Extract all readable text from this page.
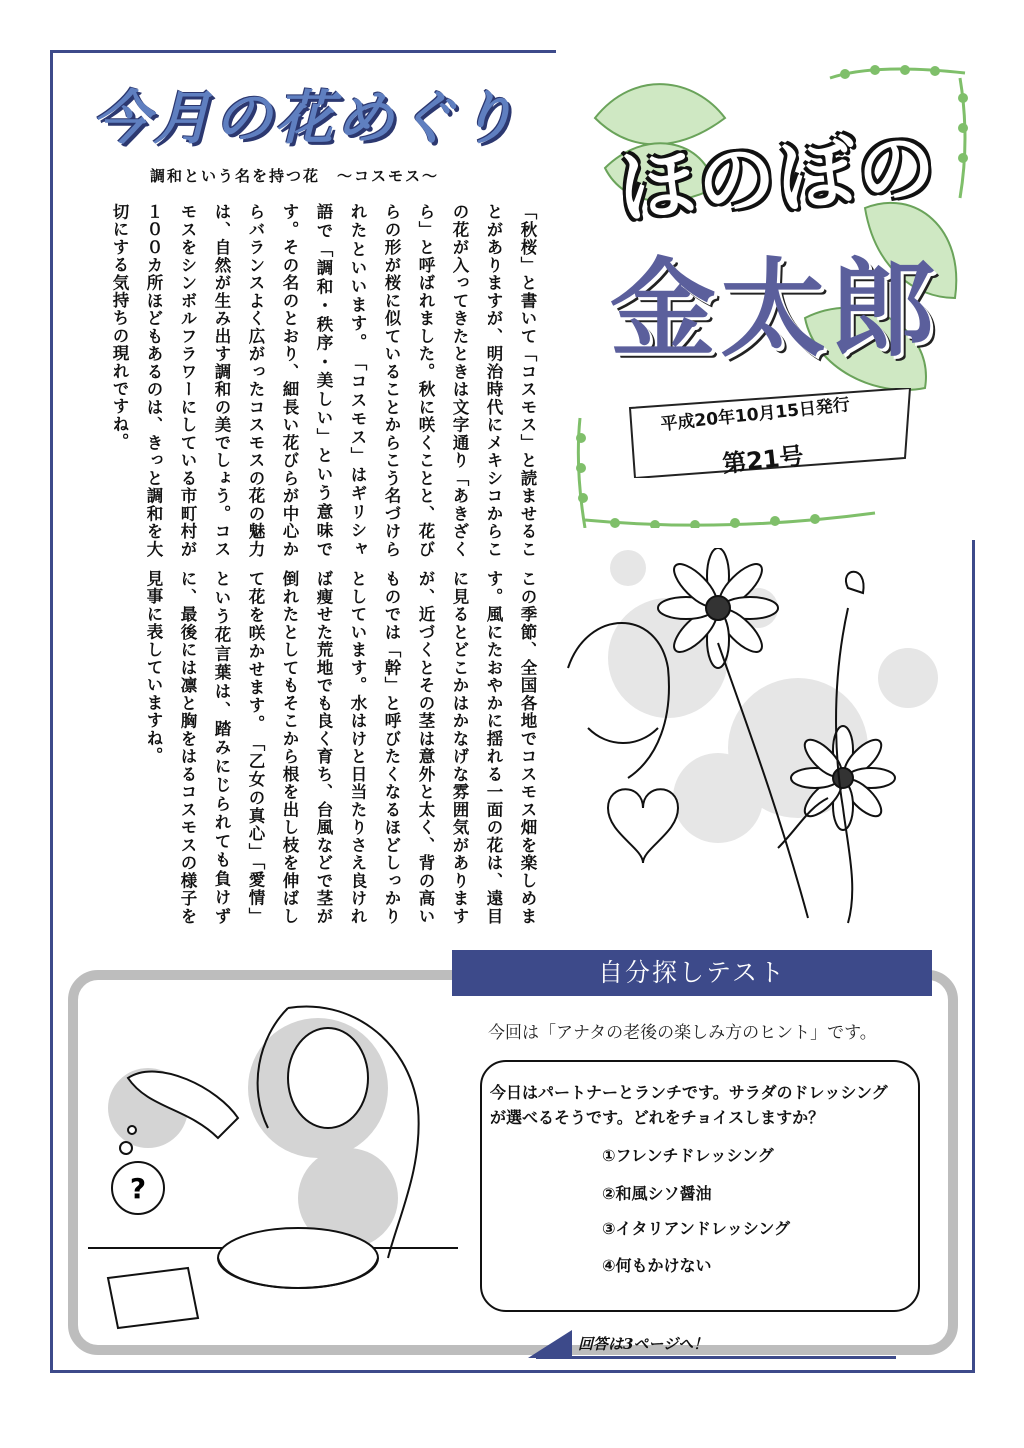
今月の花めぐり
調和という名を持つ花　～コスモス～
「秋桜」と書いて「コスモス」と読ませることがありますが、明治時代にメキシコからこの花が入ってきたときは文字通り「あきざくら」と呼ばれました。秋に咲くことと、花びらの形が桜に似ていることからこう名づけられたといいます。　「コスモス」はギリシャ語で「調和・秩序・美しい」という意味です。その名のとおり、細長い花びらが中心からバランスよく広がったコスモスの花の魅力は、自然が生み出す調和の美でしょう。コスモスをシンボルフラワーにしている市町村が１００カ所ほどもあるのは、きっと調和を大切にする気持ちの現れですね。
この季節、全国各地でコスモス畑を楽しめます。風にたおやかに揺れる一面の花は、遠目に見るとどこかはかなげな雰囲気がありますが、近づくとその茎は意外と太く、背の高いものでは「幹」と呼びたくなるほどしっかりとしています。水はけと日当たりさえ良ければ痩せた荒地でも良く育ち、台風などで茎が倒れたとしてもそこから根を出し枝を伸ばして花を咲かせます。　「乙女の真心」「愛情」という花言葉は、踏みにじられても負けずに、最後には凛と胸をはるコスモスの様子を見事に表していますね。
ほのぼの
金太郎
平成20年10月15日発行
第21号
自分探しテスト
?
今回は「アナタの老後の楽しみ方のヒント」です。
今日はパートナーとランチです。サラダのドレッシング
が選べるそうです。どれをチョイスしますか？
①フレンチドレッシング
②和風シソ醤油
③イタリアンドレッシング
④何もかけない
回答は3ページへ！
